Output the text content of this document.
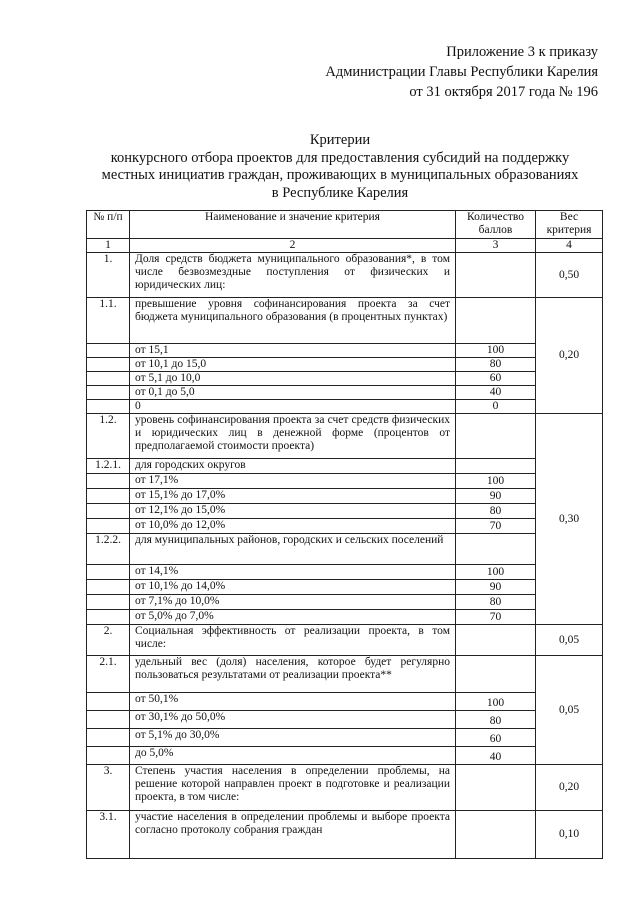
Приложение 3 к приказу
Администрации Главы Республики Карелия
от 31 октября 2017 года № 196
Критерии
конкурсного отбора проектов для предоставления субсидий на поддержку
местных инициатив граждан, проживающих в муниципальных образованиях
в Республике Карелия
№ п/п	Наименование и значение критерия	Количество баллов	Вес критерия
1	2	3	4
1.	Доля средств бюджета муниципального образования*, в том числе безвозмездные поступления от физических и юридических лиц:		0,50
1.1.	превышение уровня софинансирования проекта за счет бюджета муниципального образования (в процентных пунктах)		0,20
	от 15,1	100	
	от 10,1 до 15,0	80	
	от 5,1 до 10,0	60	
	от 0,1 до 5,0	40	
	0	0	
1.2.	уровень софинансирования проекта за счет средств физических и юридических лиц в денежной форме (процентов от предполагаемой стоимости проекта)		0,30
1.2.1.	для городских округов		
	от 17,1%	100	
	от 15,1% до 17,0%	90	
	от 12,1% до 15,0%	80	
	от 10,0% до 12,0%	70	
1.2.2.	для муниципальных районов, городских и сельских поселений		
	от 14,1%	100	
	от 10,1% до 14,0%	90	
	от 7,1% до 10,0%	80	
	от 5,0% до 7,0%	70	
2.	Социальная эффективность от реализации проекта, в том числе:		0,05
2.1.	удельный вес (доля) населения, которое будет регулярно пользоваться результатами от реализации проекта**		0,05
	от 50,1%	100	
	от 30,1% до 50,0%	80	
	от 5,1% до 30,0%	60	
	до 5,0%	40	
3.	Степень участия населения в определении проблемы, на решение которой направлен проект в подготовке и реализации проекта, в том числе:		0,20
3.1.	участие населения в определении проблемы и выборе проекта согласно протоколу собрания граждан		0,10
